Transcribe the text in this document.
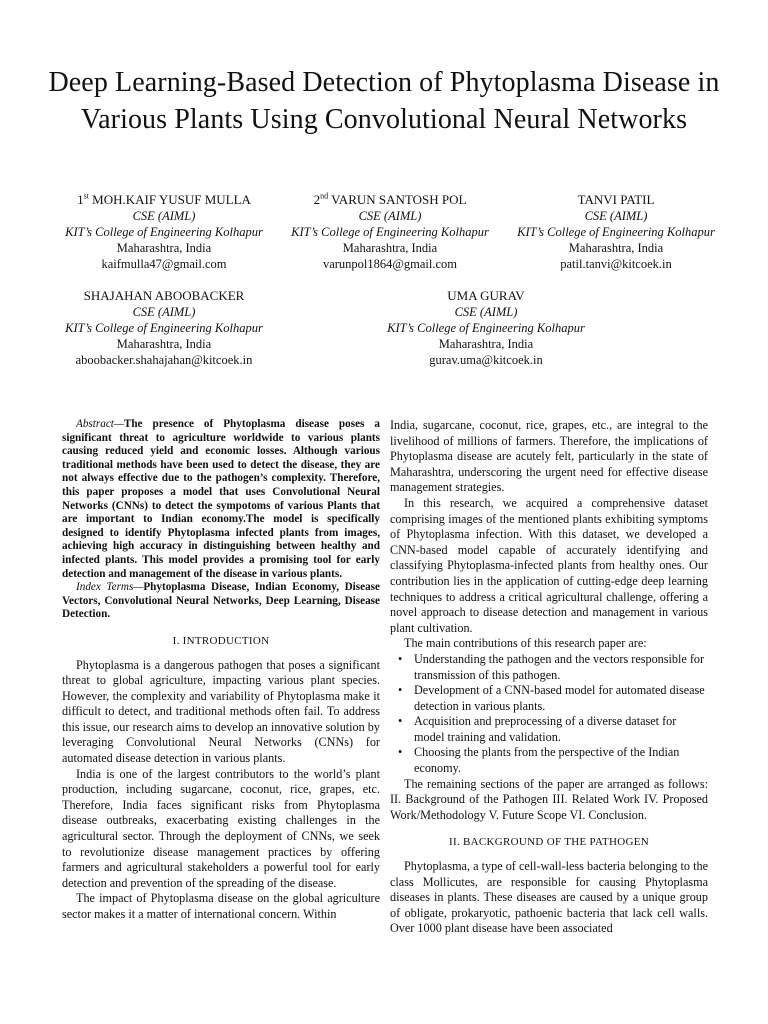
Deep Learning-Based Detection of Phytoplasma Disease in Various Plants Using Convolutional Neural Networks
1st MOH.KAIF YUSUF MULLA
CSE (AIML)
KIT’s College of Engineering Kolhapur
Maharashtra, India
kaifmulla47@gmail.com
2nd VARUN SANTOSH POL
CSE (AIML)
KIT’s College of Engineering Kolhapur
Maharashtra, India
varunpol1864@gmail.com
TANVI PATIL
CSE (AIML)
KIT’s College of Engineering Kolhapur
Maharashtra, India
patil.tanvi@kitcoek.in
SHAJAHAN ABOOBACKER
CSE (AIML)
KIT’s College of Engineering Kolhapur
Maharashtra, India
aboobacker.shahajahan@kitcoek.in
UMA GURAV
CSE (AIML)
KIT’s College of Engineering Kolhapur
Maharashtra, India
gurav.uma@kitcoek.in

Abstract—The presence of Phytoplasma disease poses a significant threat to agriculture worldwide to various plants causing reduced yield and economic losses. Although various traditional methods have been used to detect the disease, they are not always effective due to the pathogen’s complexity. Therefore, this paper proposes a model that uses Convolutional Neural Networks (CNNs) to detect the sympotoms of various Plants that are important to Indian economy.The model is specifically designed to identify Phytoplasma infected plants from images, achieving high accuracy in distinguishing between healthy and infected plants. This model provides a promising tool for early detection and management of the disease in various plants.

Index Terms—Phytoplasma Disease, Indian Economy, Disease Vectors, Convolutional Neural Networks, Deep Learning, Disease Detection.

I. INTRODUCTION

Phytoplasma is a dangerous pathogen that poses a significant threat to global agriculture, impacting various plant species. However, the complexity and variability of Phytoplasma make it difficult to detect, and traditional methods often fail. To address this issue, our research aims to develop an innovative solution by leveraging Convolutional Neural Networks (CNNs) for automated disease detection in various plants.

India is one of the largest contributors to the world’s plant production, including sugarcane, coconut, rice, grapes, etc. Therefore, India faces significant risks from Phytoplasma disease outbreaks, exacerbating existing challenges in the agricultural sector. Through the deployment of CNNs, we seek to revolutionize disease management practices by offering farmers and agricultural stakeholders a powerful tool for early detection and prevention of the spreading of the disease.

The impact of Phytoplasma disease on the global agriculture sector makes it a matter of international concern. Within

India, sugarcane, coconut, rice, grapes, etc., are integral to the livelihood of millions of farmers. Therefore, the implications of Phytoplasma disease are acutely felt, particularly in the state of Maharashtra, underscoring the urgent need for effective disease management strategies.

In this research, we acquired a comprehensive dataset comprising images of the mentioned plants exhibiting symptoms of Phytoplasma infection. With this dataset, we developed a CNN-based model capable of accurately identifying and classifying Phytoplasma-infected plants from healthy ones. Our contribution lies in the application of cutting-edge deep learning techniques to address a critical agricultural challenge, offering a novel approach to disease detection and management in various plant cultivation.

The main contributions of this research paper are:

• Understanding the pathogen and the vectors responsible for transmission of this pathogen.
• Development of a CNN-based model for automated disease detection in various plants.
• Acquisition and preprocessing of a diverse dataset for model training and validation.
• Choosing the plants from the perspective of the Indian economy.

The remaining sections of the paper are arranged as follows: II. Background of the Pathogen III. Related Work IV. Proposed Work/Methodology V. Future Scope VI. Conclusion.

II. BACKGROUND OF THE PATHOGEN

Phytoplasma, a type of cell-wall-less bacteria belonging to the class Mollicutes, are responsible for causing Phytoplasma diseases in plants. These diseases are caused by a unique group of obligate, prokaryotic, pathoenic bacteria that lack cell walls. Over 1000 plant disease have been associated
